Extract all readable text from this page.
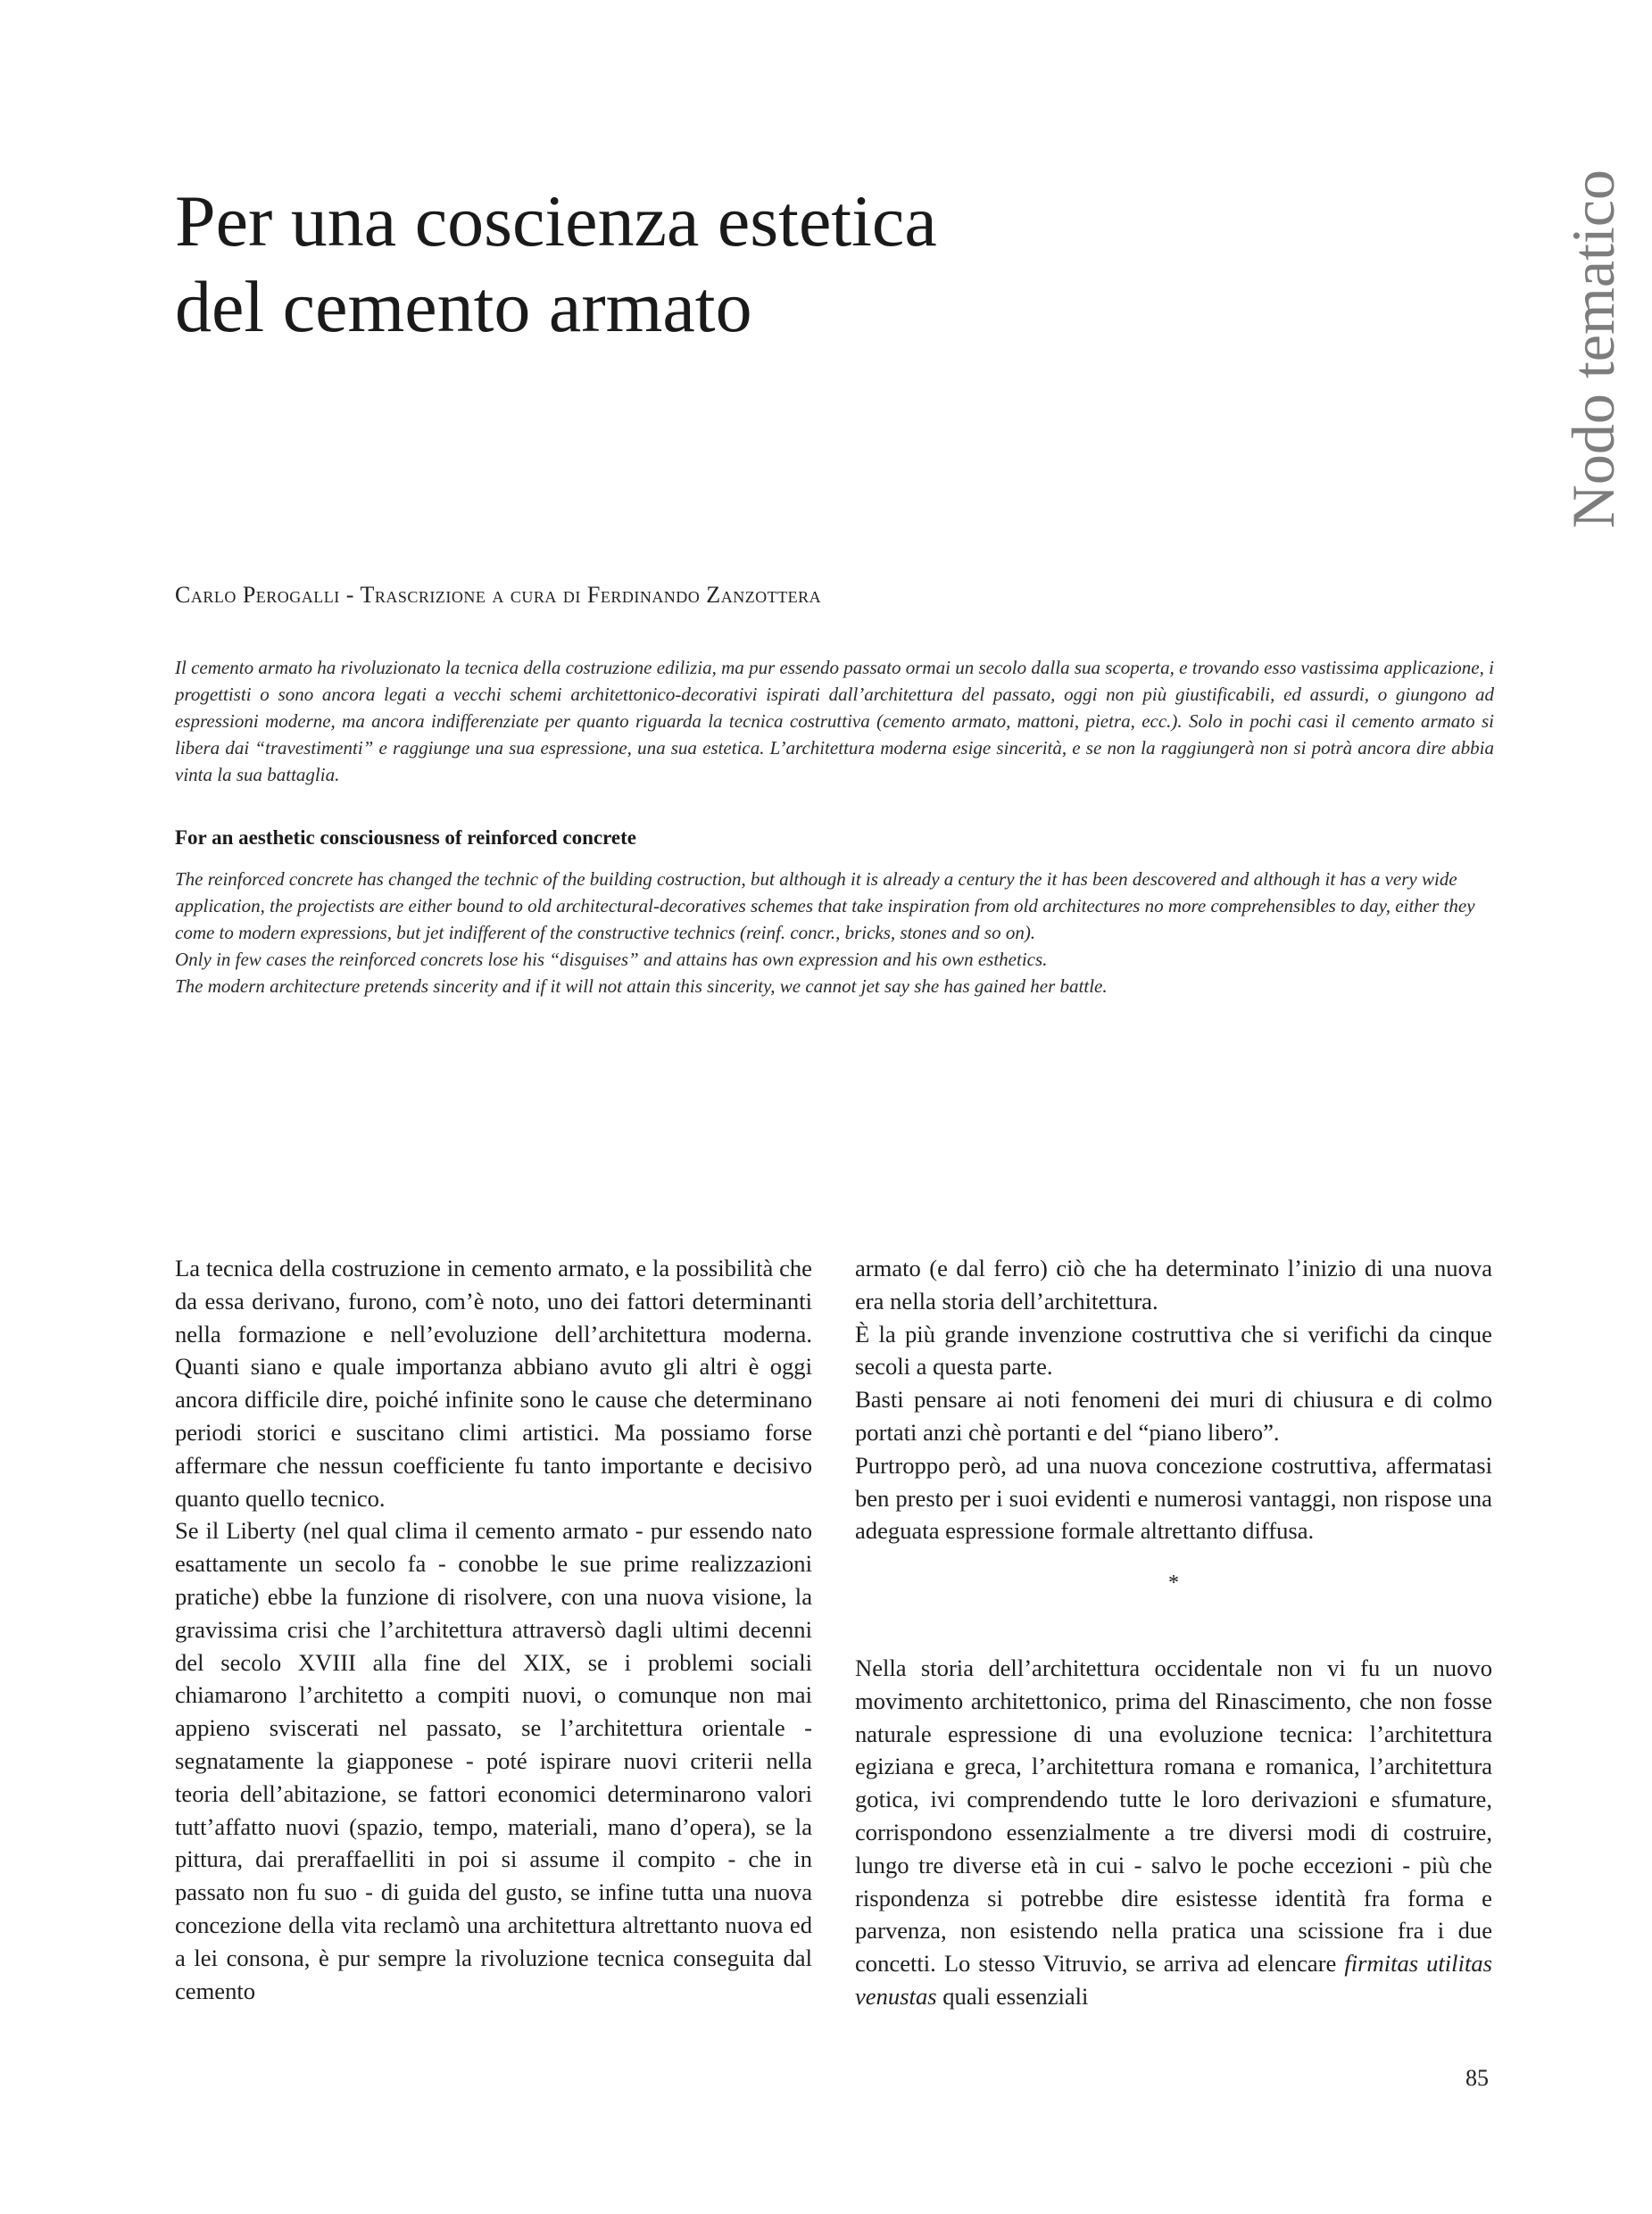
Per una coscienza estetica
del cemento armato	Nodo tematico
Carlo Perogalli - Trascrizione a cura di Ferdinando Zanzottera

Il cemento armato ha rivoluzionato la tecnica della costruzione edilizia, ma pur essendo passato ormai un secolo dalla sua scoperta, e trovando esso vastissima applicazione, i progettisti o sono ancora legati a vecchi schemi architettonico-decorativi ispirati dall’architettura del passato, oggi non più giustificabili, ed assurdi, o giungono ad espressioni moderne, ma ancora indifferenziate per quanto riguarda la tecnica costruttiva (cemento armato, mattoni, pietra, ecc.). Solo in pochi casi il cemento armato si libera dai “travestimenti” e raggiunge una sua espressione, una sua estetica. L’architettura moderna esige sincerità, e se non la raggiungerà non si potrà ancora dire abbia vinta la sua battaglia.

For an aesthetic consciousness of reinforced concrete

The reinforced concrete has changed the technic of the building costruction, but although it is already a century the it has been descovered and although it has a very wide application, the projectists are either bound to old architectural-decoratives schemes that take inspiration from old architectures no more comprehensibles to day, either they come to modern expressions, but jet indifferent of the constructive technics (reinf. concr., bricks, stones and so on).

Only in few cases the reinforced concrets lose his “disguises” and attains has own expression and his own esthetics.

The modern architecture pretends sincerity and if it will not attain this sincerity, we cannot jet say she has gained her battle.

La tecnica della costruzione in cemento armato, e la possibilità che da essa derivano, furono, com’è noto, uno dei fattori determinanti nella formazione e nell’evoluzione dell’architettura moderna. Quanti siano e quale importanza abbiano avuto gli altri è oggi ancora difficile dire, poiché infinite sono le cause che determinano periodi storici e suscitano climi artistici. Ma possiamo forse affermare che nessun coefficiente fu tanto importante e decisivo quanto quello tecnico.

Se il Liberty (nel qual clima il cemento armato - pur essendo nato esattamente un secolo fa - conobbe le sue prime realizzazioni pratiche) ebbe la funzione di risolvere, con una nuova visione, la gravissima crisi che l’architettura attraversò dagli ultimi decenni del secolo XVIII alla fine del XIX, se i problemi sociali chiamarono l’architetto a compiti nuovi, o comunque non mai appieno sviscerati nel passato, se l’architettura orientale - segnatamente la giapponese - poté ispirare nuovi criterii nella teoria dell’abitazione, se fattori economici determinarono valori tutt’affatto nuovi (spazio, tempo, materiali, mano d’opera), se la pittura, dai preraffaelliti in poi si assume il compito - che in passato non fu suo - di guida del gusto, se infine tutta una nuova concezione della vita reclamò una architettura altrettanto nuova ed a lei consona, è pur sempre la rivoluzione tecnica conseguita dal cemento

armato (e dal ferro) ciò che ha determinato l’inizio di una nuova era nella storia dell’architettura.

È la più grande invenzione costruttiva che si verifichi da cinque secoli a questa parte.

Basti pensare ai noti fenomeni dei muri di chiusura e di colmo portati anzi chè portanti e del “piano libero”.

Purtroppo però, ad una nuova concezione costruttiva, affermatasi ben presto per i suoi evidenti e numerosi vantaggi, non rispose una adeguata espressione formale altrettanto diffusa.

*

Nella storia dell’architettura occidentale non vi fu un nuovo movimento architettonico, prima del Rinascimento, che non fosse naturale espressione di una evoluzione tecnica: l’architettura egiziana e greca, l’architettura romana e romanica, l’architettura gotica, ivi comprendendo tutte le loro derivazioni e sfumature, corrispondono essenzialmente a tre diversi modi di costruire, lungo tre diverse età in cui - salvo le poche eccezioni - più che rispondenza si potrebbe dire esistesse identità fra forma e parvenza, non esistendo nella pratica una scissione fra i due concetti. Lo stesso Vitruvio, se arriva ad elencare firmitas utilitas venustas quali essenziali

85
